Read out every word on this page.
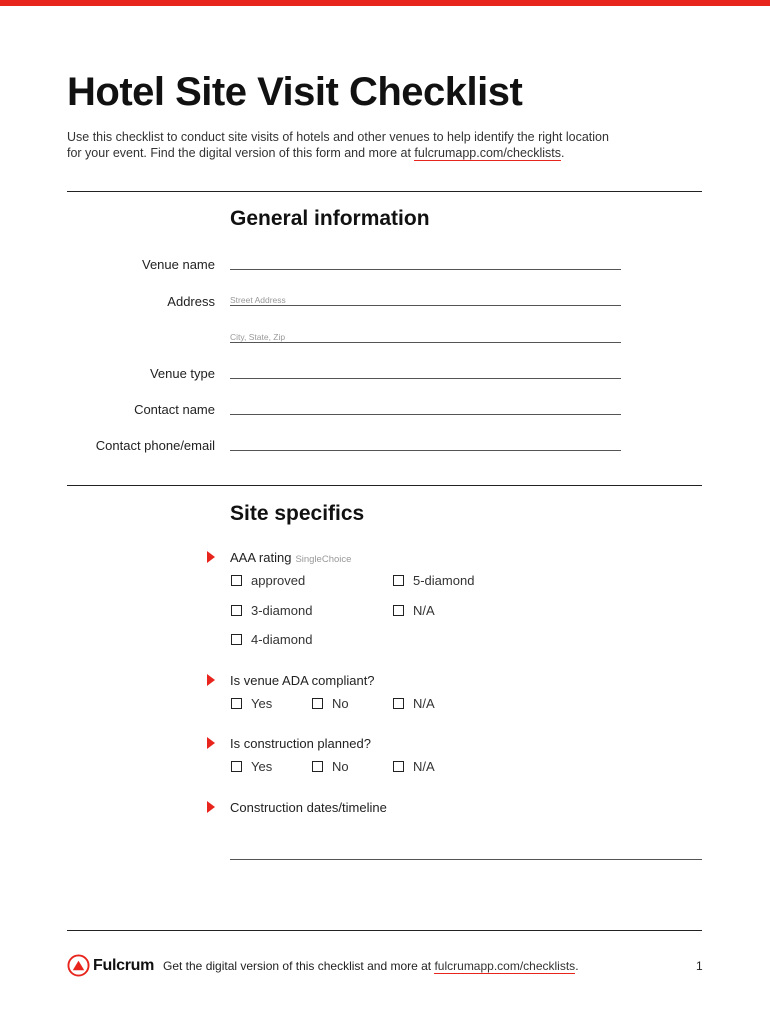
Hotel Site Visit Checklist
Use this checklist to conduct site visits of hotels and other venues to help identify the right location
for your event. Find the digital version of this form and more at fulcrumapp.com/checklists.
General information
Venue name
Address Street Address
City, State, Zip
Venue type
Contact name
Contact phone/email
Site specifics
AAA rating SingleChoice
approved	5-diamond
3-diamond	N/A
4-diamond
Is venue ADA compliant?
Yes	No	N/A
Is construction planned?
Yes	No	N/A
Construction dates/timeline
Fulcrum Get the digital version of this checklist and more at fulcrumapp.com/checklists.	1
